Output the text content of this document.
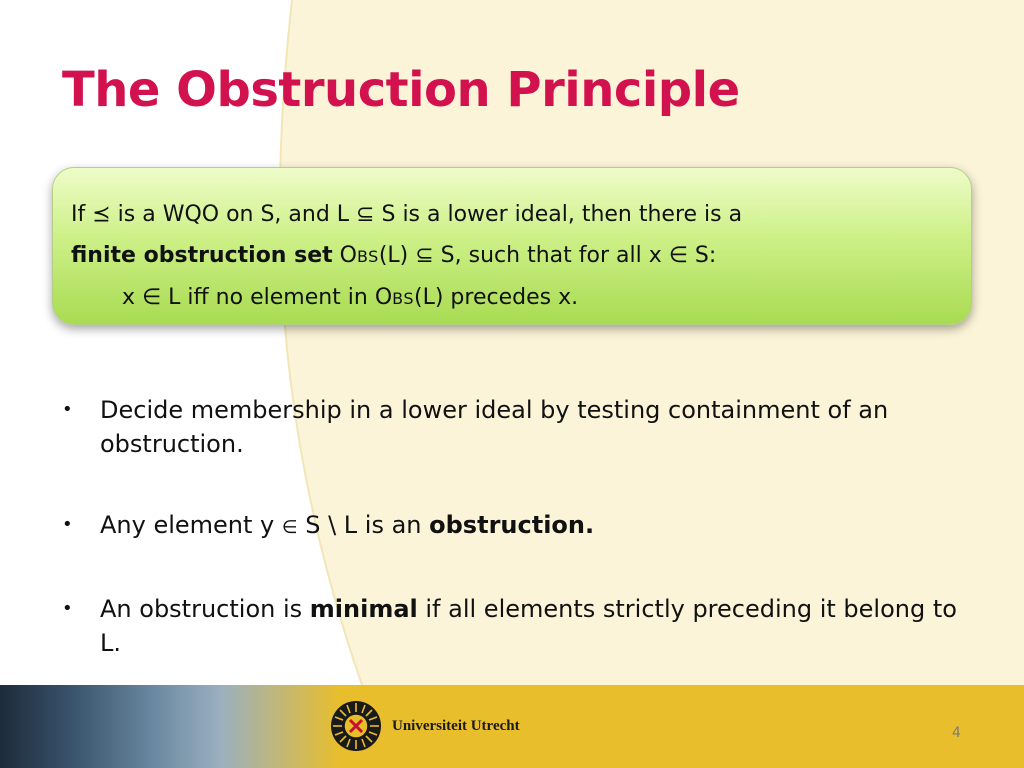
The Obstruction Principle
If ⪯ is a WQO on S, and L ⊆ S is a lower ideal, then there is a
finite obstruction set OBS(L) ⊆ S, such that for all x ∈ S:
x ∈ L iff no element in OBS(L) precedes x.
• Decide membership in a lower ideal by testing containment of an obstruction.
• Any element y ∈ S \ L is an obstruction.
• An obstruction is minimal if all elements strictly preceding it belong to L.
Universiteit Utrecht	4
